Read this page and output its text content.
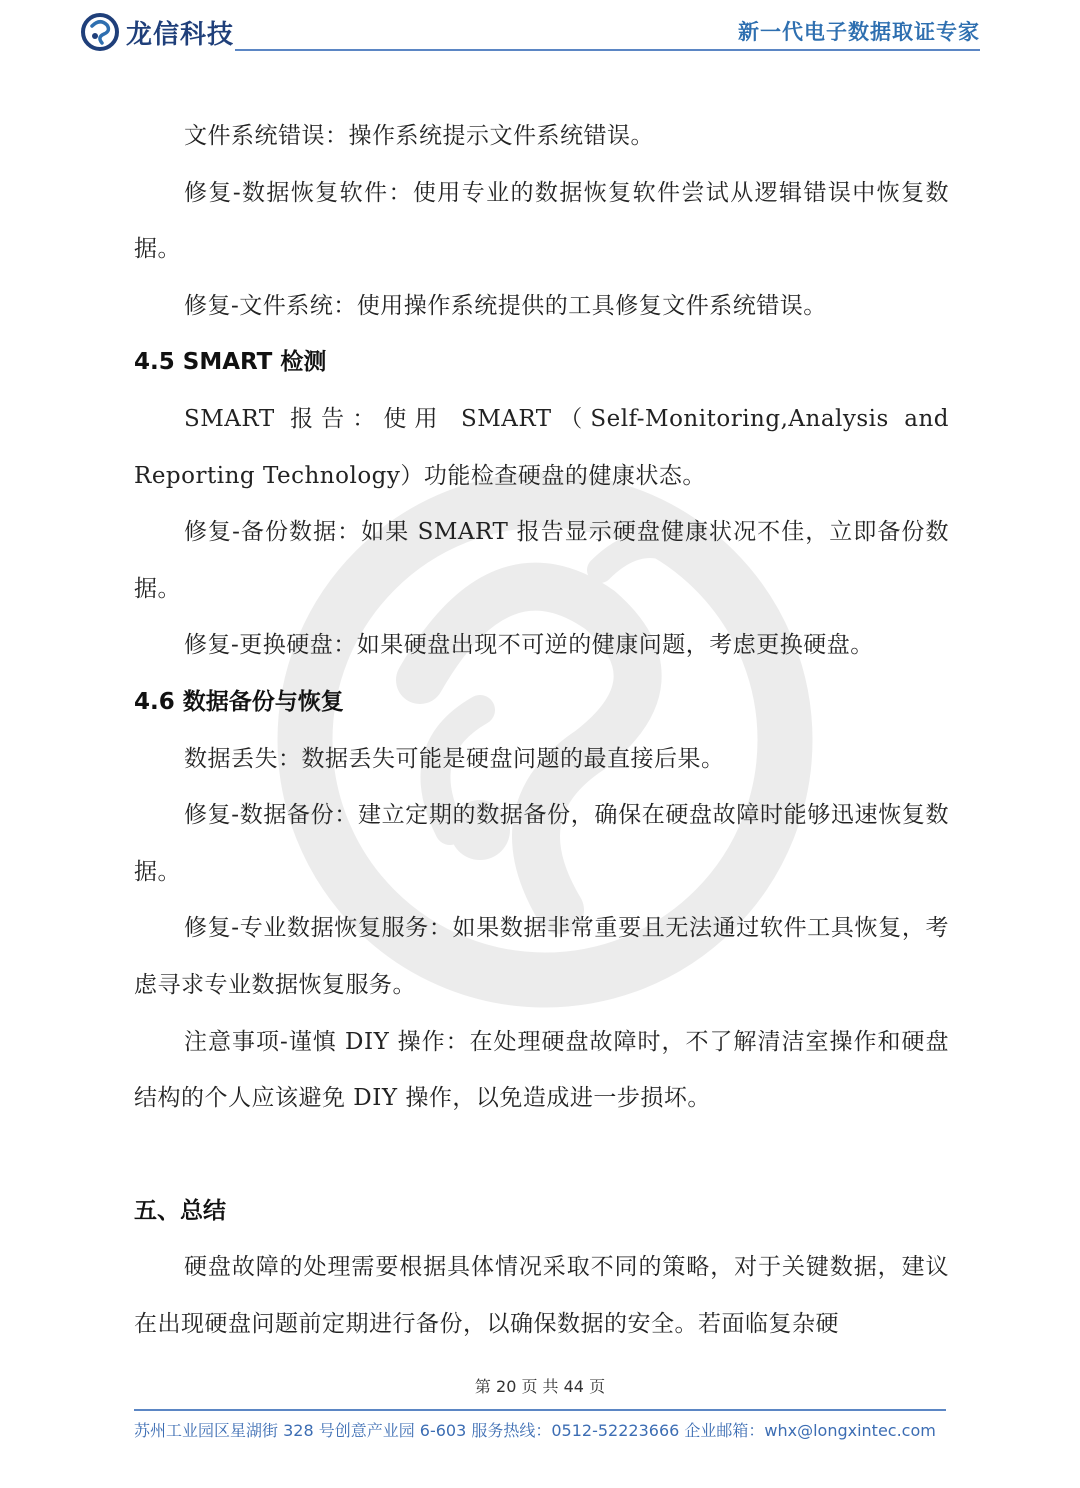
龙信科技	新一代电子数据取证专家

文件系统错误：操作系统提示文件系统错误。

修复-数据恢复软件：使用专业的数据恢复软件尝试从逻辑错误中恢复数据。

修复-文件系统：使用操作系统提供的工具修复文件系统错误。

4.5 SMART 检测

SMART 报告：使用 SMART（Self-Monitoring,Analysis and Reporting Technology）功能检查硬盘的健康状态。

修复-备份数据：如果 SMART 报告显示硬盘健康状况不佳，立即备份数据。

修复-更换硬盘：如果硬盘出现不可逆的健康问题，考虑更换硬盘。

4.6 数据备份与恢复

数据丢失：数据丢失可能是硬盘问题的最直接后果。

修复-数据备份：建立定期的数据备份，确保在硬盘故障时能够迅速恢复数据。

修复-专业数据恢复服务：如果数据非常重要且无法通过软件工具恢复，考虑寻求专业数据恢复服务。

注意事项-谨慎 DIY 操作：在处理硬盘故障时，不了解清洁室操作和硬盘结构的个人应该避免 DIY 操作，以免造成进一步损坏。

五、总结

硬盘故障的处理需要根据具体情况采取不同的策略，对于关键数据，建议在出现硬盘问题前定期进行备份，以确保数据的安全。若面临复杂硬

第 20 页 共 44 页
苏州工业园区星湖街 328 号创意产业园 6-603 服务热线：0512-52223666 企业邮箱：whx@longxintec.com
